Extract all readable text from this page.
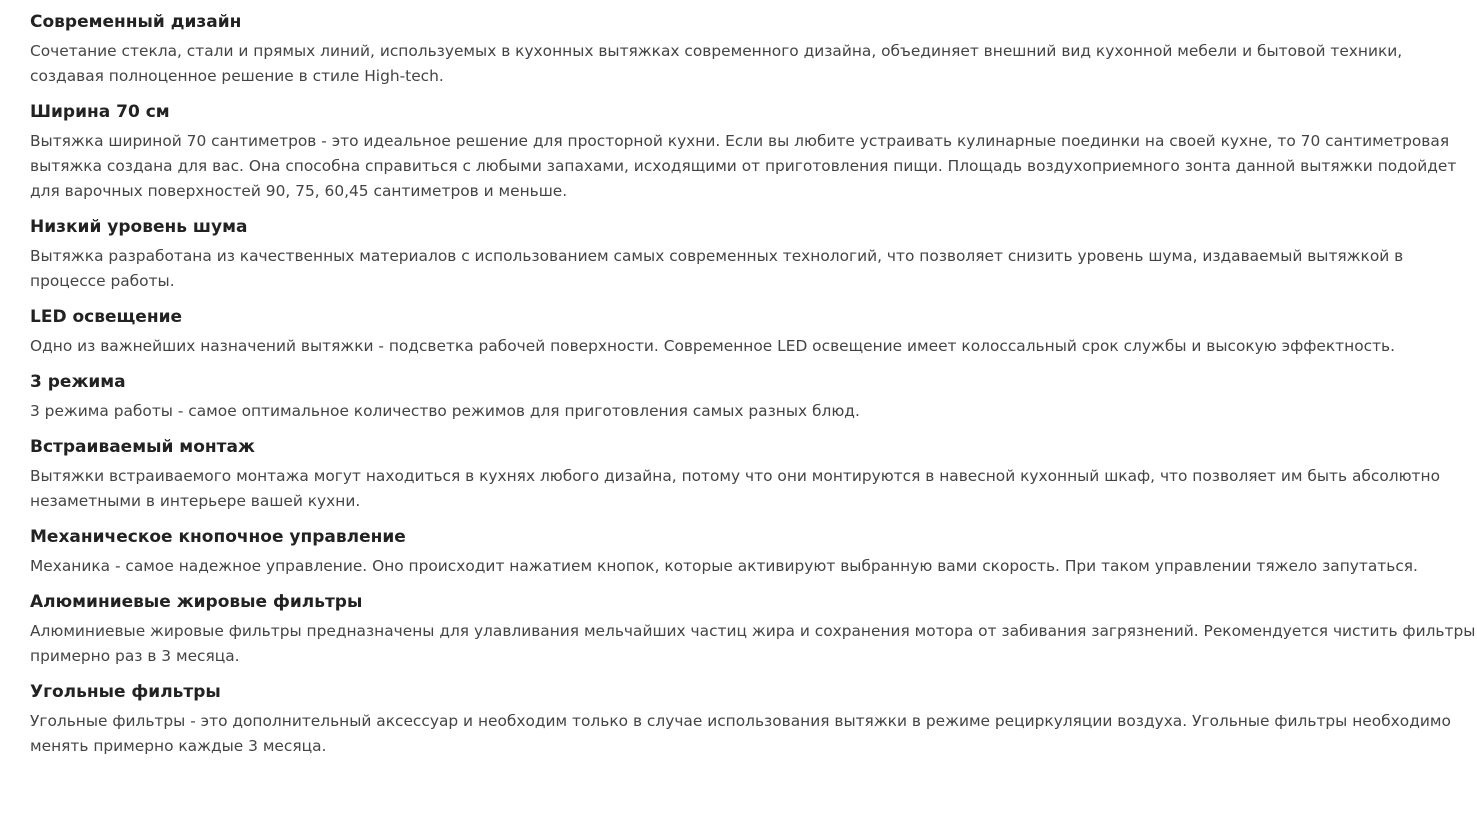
Современный дизайн

Сочетание стекла, стали и прямых линий, используемых в кухонных вытяжках современного дизайна, объединяет внешний вид кухонной мебели и бытовой техники, создавая полноценное решение в стиле High-tech.

Ширина 70 см

Вытяжка шириной 70 сантиметров - это идеальное решение для просторной кухни. Если вы любите устраивать кулинарные поединки на своей кухне, то 70 сантиметровая вытяжка создана для вас. Она способна справиться с любыми запахами, исходящими от приготовления пищи. Площадь воздухоприемного зонта данной вытяжки подойдет для варочных поверхностей 90, 75, 60,45 сантиметров и меньше.

Низкий уровень шума

Вытяжка разработана из качественных материалов с использованием самых современных технологий, что позволяет снизить уровень шума, издаваемый вытяжкой в процессе работы.

LED освещение

Одно из важнейших назначений вытяжки - подсветка рабочей поверхности. Современное LED освещение имеет колоссальный срок службы и высокую эффектность.

3 режима

3 режима работы - самое оптимальное количество режимов для приготовления самых разных блюд.

Встраиваемый монтаж

Вытяжки встраиваемого монтажа могут находиться в кухнях любого дизайна, потому что они монтируются в навесной кухонный шкаф, что позволяет им быть абсолютно незаметными в интерьере вашей кухни.

Механическое кнопочное управление

Механика - самое надежное управление. Оно происходит нажатием кнопок, которые активируют выбранную вами скорость. При таком управлении тяжело запутаться.

Алюминиевые жировые фильтры

Алюминиевые жировые фильтры предназначены для улавливания мельчайших частиц жира и сохранения мотора от забивания загрязнений. Рекомендуется чистить фильтры примерно раз в 3 месяца.

Угольные фильтры

Угольные фильтры - это дополнительный аксессуар и необходим только в случае использования вытяжки в режиме рециркуляции воздуха. Угольные фильтры необходимо менять примерно каждые 3 месяца.
